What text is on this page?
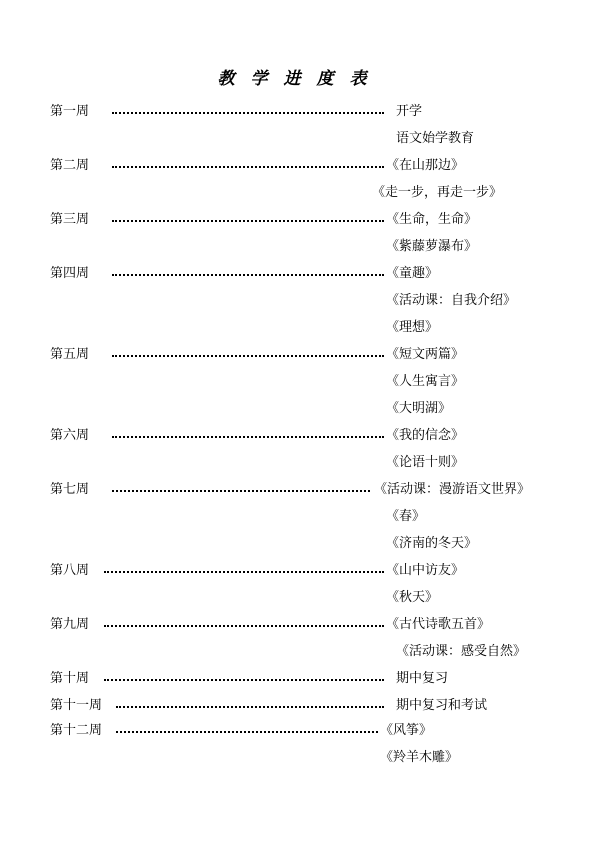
教学进度表
第一周	开学
语文始学教育
第二周	《在山那边》
《走一步，再走一步》
第三周	《生命，生命》
《紫藤萝瀑布》
第四周	《童趣》
《活动课：自我介绍》
《理想》
第五周	《短文两篇》
《人生寓言》
《大明湖》
第六周	《我的信念》
《论语十则》
第七周	《活动课：漫游语文世界》
《春》
《济南的冬天》
第八周	《山中访友》
《秋天》
第九周	《古代诗歌五首》
《活动课：感受自然》
第十周	期中复习
第十一周	期中复习和考试
第十二周	《风筝》
《羚羊木雕》
